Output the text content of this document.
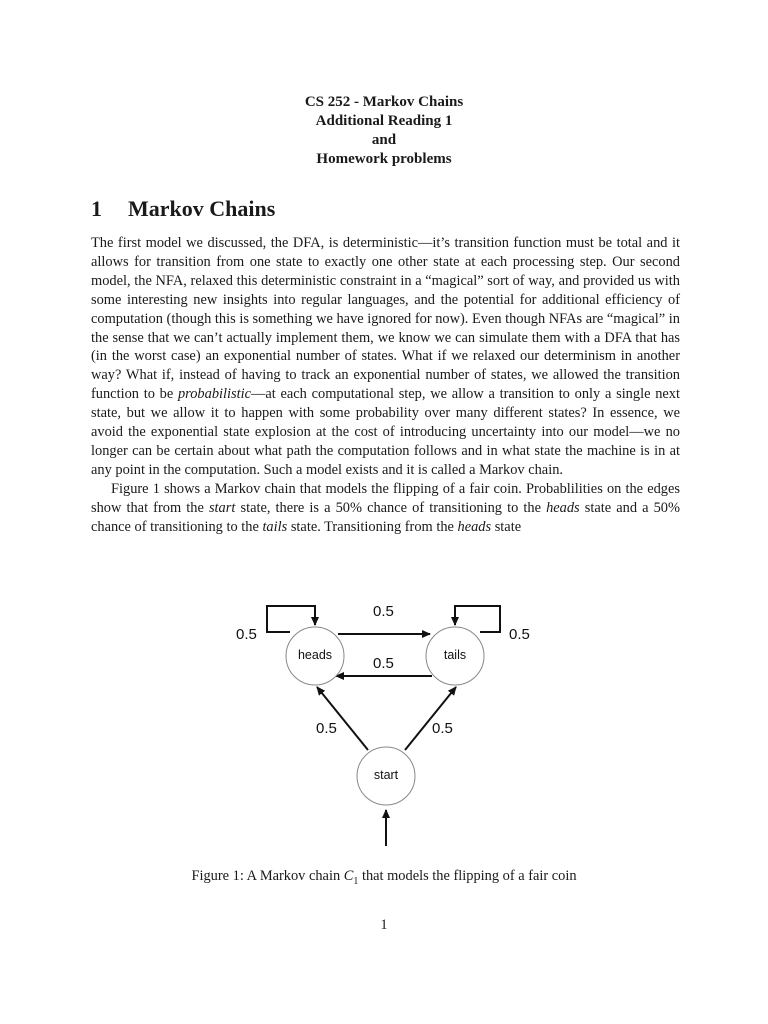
CS 252 - Markov Chains
Additional Reading 1
and
Homework problems
1 Markov Chains

The first model we discussed, the DFA, is deterministic—it’s transition function must be total and it allows for transition from one state to exactly one other state at each processing step. Our second model, the NFA, relaxed this deterministic constraint in a “magical” sort of way, and provided us with some interesting new insights into regular languages, and the potential for additional efficiency of computation (though this is something we have ignored for now). Even though NFAs are “magical” in the sense that we can’t actually implement them, we know we can simulate them with a DFA that has (in the worst case) an exponential number of states. What if we relaxed our determinism in another way? What if, instead of having to track an exponential number of states, we allowed the transition function to be probabilistic—at each computational step, we allow a transition to only a single next state, but we allow it to happen with some probability over many different states? In essence, we avoid the exponential state explosion at the cost of introducing uncertainty into our model—we no longer can be certain about what path the computation follows and in what state the machine is in at any point in the computation. Such a model exists and it is called a Markov chain.

Figure 1 shows a Markov chain that models the flipping of a fair coin. Probablilities on the edges show that from the start state, there is a 50% chance of transitioning to the heads state and a 50% chance of transitioning to the tails state. Transitioning from the heads state

heads	tails
start
0.5	0.5
0.5
0.5
0.5	0.5
Figure 1: A Markov chain $C_1$ that models the flipping of a fair coin
1
